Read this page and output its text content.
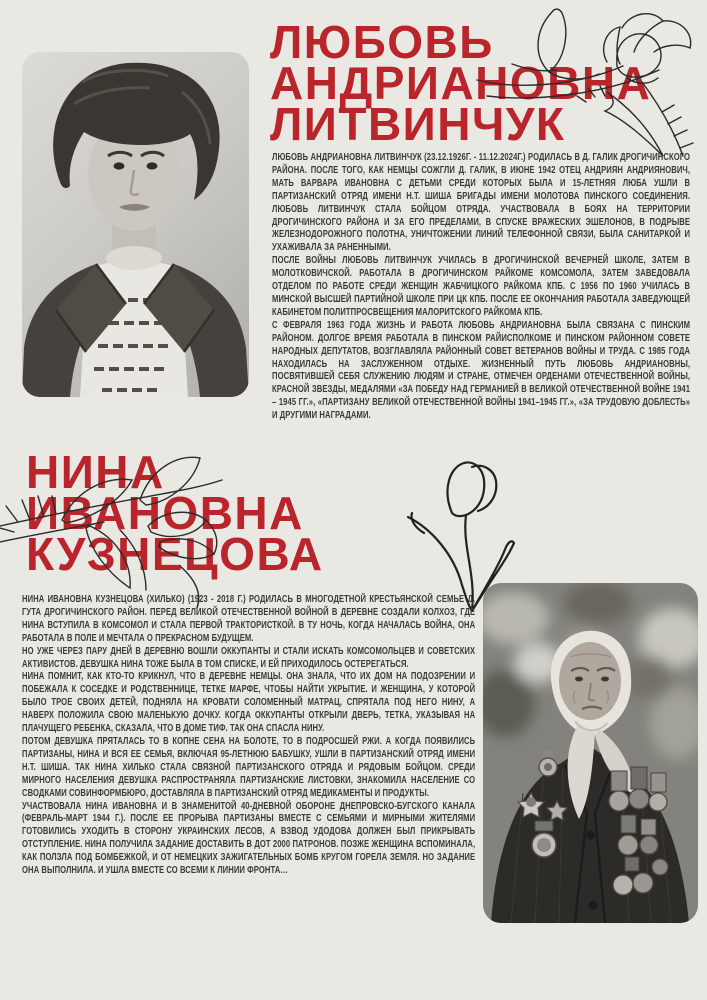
ЛЮБОВЬ
АНДРИАНОВНА
ЛИТВИНЧУК

ЛЮБОВЬ АНДРИАНОВНА ЛИТВИНЧУК (23.12.1926Г. - 11.12.2024Г.) РОДИЛАСЬ В Д. ГАЛИК ДРОГИЧИНСКОГО РАЙОНА. ПОСЛЕ ТОГО, КАК НЕМЦЫ СОЖГЛИ Д. ГАЛИК, В ИЮНЕ 1942 ОТЕЦ АНДРИЯН АНДРИЯНОВИЧ, МАТЬ ВАРВАРА ИВАНОВНА С ДЕТЬМИ СРЕДИ КОТОРЫХ БЫЛА И 15-ЛЕТНЯЯ ЛЮБА УШЛИ В ПАРТИЗАНСКИЙ ОТРЯД ИМЕНИ Н.Т. ШИША БРИГАДЫ ИМЕНИ МОЛОТОВА ПИНСКОГО СОЕДИНЕНИЯ. ЛЮБОВЬ ЛИТВИНЧУК СТАЛА БОЙЦОМ ОТРЯДА. УЧАСТВОВАЛА В БОЯХ НА ТЕРРИТОРИИ ДРОГИЧИНСКОГО РАЙОНА И ЗА ЕГО ПРЕДЕЛАМИ, В СПУСКЕ ВРАЖЕСКИХ ЭШЕЛОНОВ, В ПОДРЫВЕ ЖЕЛЕЗНОДОРОЖНОГО ПОЛОТНА, УНИЧТОЖЕНИИ ЛИНИЙ ТЕЛЕФОННОЙ СВЯЗИ, БЫЛА САНИТАРКОЙ И УХАЖИВАЛА ЗА РАНЕННЫМИ.

ПОСЛЕ ВОЙНЫ ЛЮБОВЬ ЛИТВИНЧУК УЧИЛАСЬ В ДРОГИЧИНСКОЙ ВЕЧЕРНЕЙ ШКОЛЕ, ЗАТЕМ В МОЛОТКОВИЧСКОЙ. РАБОТАЛА В ДРОГИЧИНСКОМ РАЙКОМЕ КОМСОМОЛА, ЗАТЕМ ЗАВЕДОВАЛА ОТДЕЛОМ ПО РАБОТЕ СРЕДИ ЖЕНЩИН ЖАБЧИЦКОГО РАЙКОМА КПБ. С 1956 ПО 1960 УЧИЛАСЬ В МИНСКОЙ ВЫСШЕЙ ПАРТИЙНОЙ ШКОЛЕ ПРИ ЦК КПБ. ПОСЛЕ ЕЕ ОКОНЧАНИЯ РАБОТАЛА ЗАВЕДУЮЩЕЙ КАБИНЕТОМ ПОЛИТПРОСВЕЩЕНИЯ МАЛОРИТСКОГО РАЙКОМА КПБ.

С ФЕВРАЛЯ 1963 ГОДА ЖИЗНЬ И РАБОТА ЛЮБОВЬ АНДРИАНОВНА БЫЛА СВЯЗАНА С ПИНСКИМ РАЙОНОМ. ДОЛГОЕ ВРЕМЯ РАБОТАЛА В ПИНСКОМ РАЙИСПОЛКОМЕ И ПИНСКОМ РАЙОННОМ СОВЕТЕ НАРОДНЫХ ДЕПУТАТОВ, ВОЗГЛАВЛЯЛА РАЙОННЫЙ СОВЕТ ВЕТЕРАНОВ ВОЙНЫ И ТРУДА. С 1985 ГОДА НАХОДИЛАСЬ НА ЗАСЛУЖЕННОМ ОТДЫХЕ. ЖИЗНЕННЫЙ ПУТЬ ЛЮБОВЬ АНДРИАНОВНЫ, ПОСВЯТИВШЕЙ СЕБЯ СЛУЖЕНИЮ ЛЮДЯМ И СТРАНЕ, ОТМЕЧЕН ОРДЕНАМИ ОТЕЧЕСТВЕННОЙ ВОЙНЫ, КРАСНОЙ ЗВЕЗДЫ, МЕДАЛЯМИ «ЗА ПОБЕДУ НАД ГЕРМАНИЕЙ В ВЕЛИКОЙ ОТЕЧЕСТВЕННОЙ ВОЙНЕ 1941 – 1945 ГГ.», «ПАРТИЗАНУ ВЕЛИКОЙ ОТЕЧЕСТВЕННОЙ ВОЙНЫ 1941–1945 ГГ.», «ЗА ТРУДОВУЮ ДОБЛЕСТЬ» И ДРУГИМИ НАГРАДАМИ.

НИНА
ИВАНОВНА
КУЗНЕЦОВА

НИНА ИВАНОВНА КУЗНЕЦОВА (ХИЛЬКО) (1923 - 2018 Г.) РОДИЛАСЬ В МНОГОДЕТНОЙ КРЕСТЬЯНСКОЙ СЕМЬЕ Д. ГУТА ДРОГИЧИНСКОГО РАЙОН. ПЕРЕД ВЕЛИКОЙ ОТЕЧЕСТВЕННОЙ ВОЙНОЙ В ДЕРЕВНЕ СОЗДАЛИ КОЛХОЗ, ГДЕ НИНА ВСТУПИЛА В КОМСОМОЛ И СТАЛА ПЕРВОЙ ТРАКТОРИСТКОЙ. В ТУ НОЧЬ, КОГДА НАЧАЛАСЬ ВОЙНА, ОНА РАБОТАЛА В ПОЛЕ И МЕЧТАЛА О ПРЕКРАСНОМ БУДУЩЕМ.

НО УЖЕ ЧЕРЕЗ ПАРУ ДНЕЙ В ДЕРЕВНЮ ВОШЛИ ОККУПАНТЫ И СТАЛИ ИСКАТЬ КОМСОМОЛЬЦЕВ И СОВЕТСКИХ АКТИВИСТОВ. ДЕВУШКА НИНА ТОЖЕ БЫЛА В ТОМ СПИСКЕ, И ЕЙ ПРИХОДИЛОСЬ ОСТЕРЕГАТЬСЯ.

НИНА ПОМНИТ, КАК КТО-ТО КРИКНУЛ, ЧТО В ДЕРЕВНЕ НЕМЦЫ. ОНА ЗНАЛА, ЧТО ИХ ДОМ НА ПОДОЗРЕНИИ И ПОБЕЖАЛА К СОСЕДКЕ И РОДСТВЕННИЦЕ, ТЕТКЕ МАРФЕ, ЧТОБЫ НАЙТИ УКРЫТИЕ. И ЖЕНЩИНА, У КОТОРОЙ БЫЛО ТРОЕ СВОИХ ДЕТЕЙ, ПОДНЯЛА НА КРОВАТИ СОЛОМЕННЫЙ МАТРАЦ, СПРЯТАЛА ПОД НЕГО НИНУ, А НАВЕРХ ПОЛОЖИЛА СВОЮ МАЛЕНЬКУЮ ДОЧКУ. КОГДА ОККУПАНТЫ ОТКРЫЛИ ДВЕРЬ, ТЕТКА, УКАЗЫВАЯ НА ПЛАЧУЩЕГО РЕБЕНКА, СКАЗАЛА, ЧТО В ДОМЕ ТИФ. ТАК ОНА СПАСЛА НИНУ.

ПОТОМ ДЕВУШКА ПРЯТАЛАСЬ ТО В КОПНЕ СЕНА НА БОЛОТЕ, ТО В ПОДРОСШЕЙ РЖИ. А КОГДА ПОЯВИЛИСЬ ПАРТИЗАНЫ, НИНА И ВСЯ ЕЕ СЕМЬЯ, ВКЛЮЧАЯ 95-ЛЕТНЮЮ БАБУШКУ, УШЛИ В ПАРТИЗАНСКИЙ ОТРЯД ИМЕНИ Н.Т. ШИША. ТАК НИНА ХИЛЬКО СТАЛА СВЯЗНОЙ ПАРТИЗАНСКОГО ОТРЯДА И РЯДОВЫМ БОЙЦОМ. СРЕДИ МИРНОГО НАСЕЛЕНИЯ ДЕВУШКА РАСПРОСТРАНЯЛА ПАРТИЗАНСКИЕ ЛИСТОВКИ, ЗНАКОМИЛА НАСЕЛЕНИЕ СО СВОДКАМИ СОВИНФОРМБЮРО, ДОСТАВЛЯЛА В ПАРТИЗАНСКИЙ ОТРЯД МЕДИКАМЕНТЫ И ПРОДУКТЫ.

УЧАСТВОВАЛА НИНА ИВАНОВНА И В ЗНАМЕНИТОЙ 40-ДНЕВНОЙ ОБОРОНЕ ДНЕПРОВСКО-БУГСКОГО КАНАЛА (ФЕВРАЛЬ-МАРТ 1944 Г.). ПОСЛЕ ЕЕ ПРОРЫВА ПАРТИЗАНЫ ВМЕСТЕ С СЕМЬЯМИ И МИРНЫМИ ЖИТЕЛЯМИ ГОТОВИЛИСЬ УХОДИТЬ В СТОРОНУ УКРАИНСКИХ ЛЕСОВ, А ВЗВОД УДОДОВА ДОЛЖЕН БЫЛ ПРИКРЫВАТЬ ОТСТУПЛЕНИЕ. НИНА ПОЛУЧИЛА ЗАДАНИЕ ДОСТАВИТЬ В ДОТ 2000 ПАТРОНОВ. ПОЗЖЕ ЖЕНЩИНА ВСПОМИНАЛА, КАК ПОЛЗЛА ПОД БОМБЕЖКОЙ, И ОТ НЕМЕЦКИХ ЗАЖИГАТЕЛЬНЫХ БОМБ КРУГОМ ГОРЕЛА ЗЕМЛЯ. НО ЗАДАНИЕ ОНА ВЫПОЛНИЛА. И УШЛА ВМЕСТЕ СО ВСЕМИ К ЛИНИИ ФРОНТА…
